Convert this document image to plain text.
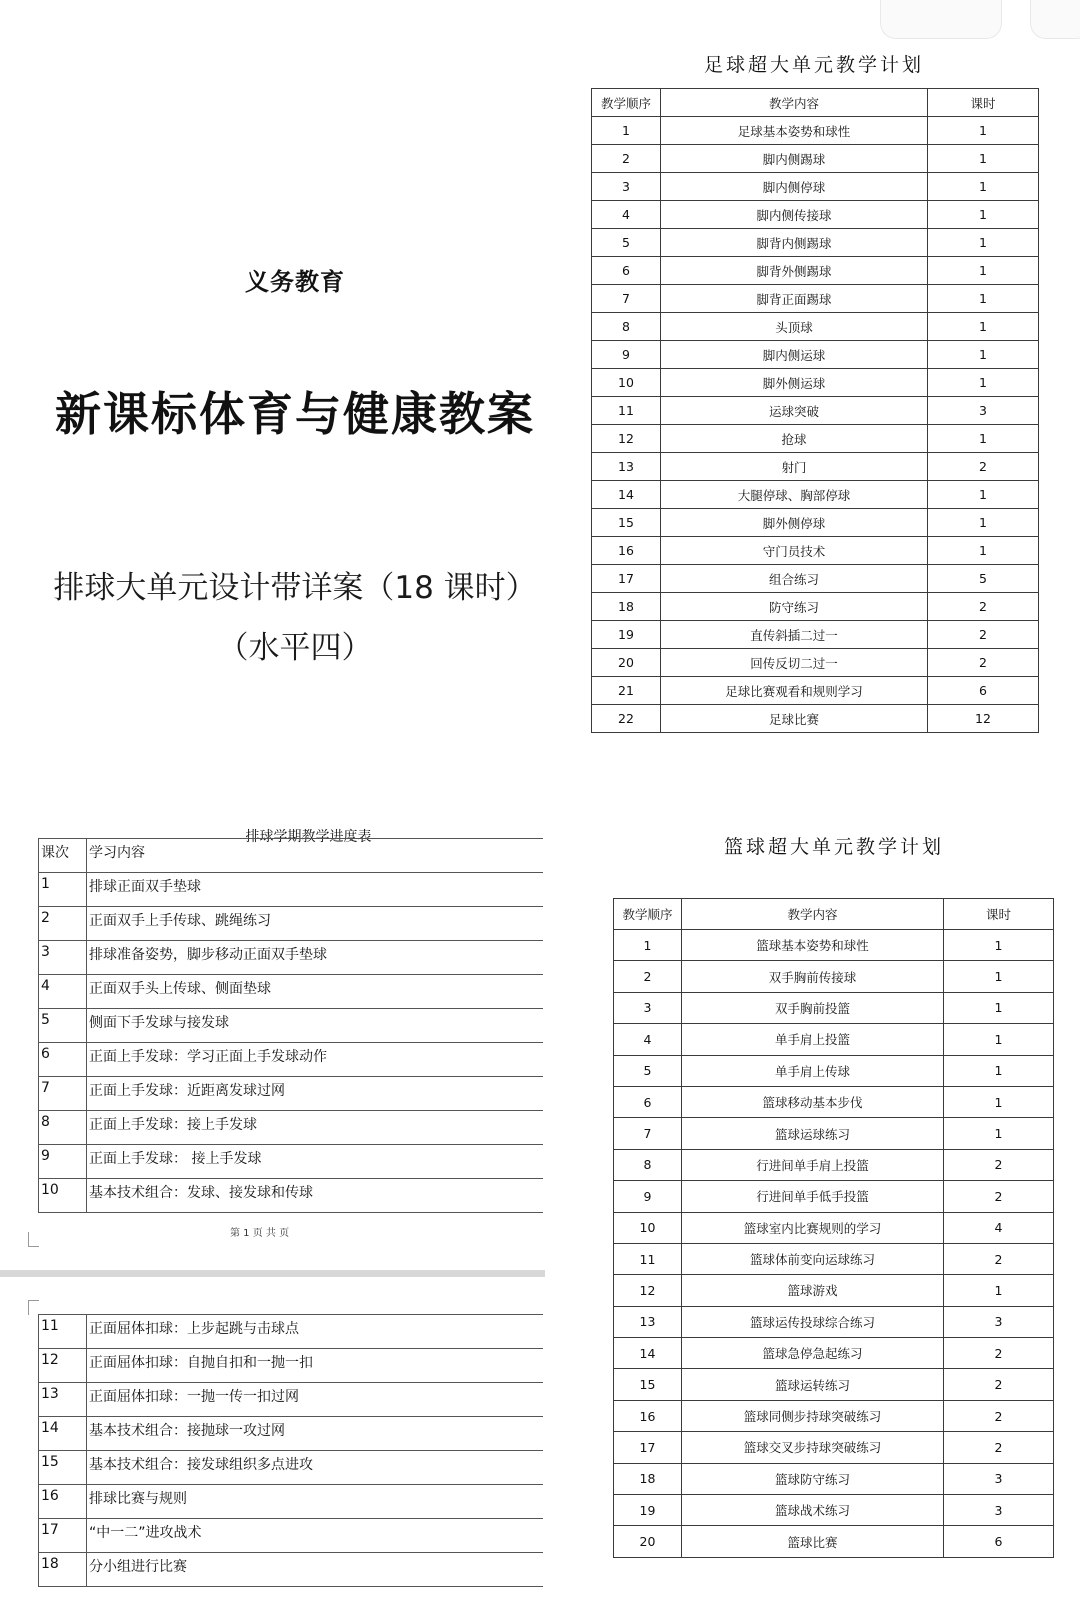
义务教育
新课标体育与健康教案
排球大单元设计带详案（18 课时）
（水平四）
足球超大单元教学计划
教学顺序	教学内容	课时
1	足球基本姿势和球性	1
2	脚内侧踢球	1
3	脚内侧停球	1
4	脚内侧传接球	1
5	脚背内侧踢球	1
6	脚背外侧踢球	1
7	脚背正面踢球	1
8	头顶球	1
9	脚内侧运球	1
10	脚外侧运球	1
11	运球突破	3
12	抢球	1
13	射门	2
14	大腿停球、胸部停球	1
15	脚外侧停球	1
16	守门员技术	1
17	组合练习	5
18	防守练习	2
19	直传斜插二过一	2
20	回传反切二过一	2
21	足球比赛观看和规则学习	6
22	足球比赛	12
排球学期教学进度表
课次	学习内容
1	排球正面双手垫球
2	正面双手上手传球、跳绳练习
3	排球准备姿势，脚步移动正面双手垫球
4	正面双手头上传球、侧面垫球
5	侧面下手发球与接发球
6	正面上手发球：学习正面上手发球动作
7	正面上手发球：近距离发球过网
8	正面上手发球：接上手发球
9	正面上手发球： 接上手发球
10	基本技术组合：发球、接发球和传球
第 1 页 共 页
11	正面屈体扣球：上步起跳与击球点
12	正面屈体扣球：自抛自扣和一抛一扣
13	正面屈体扣球：一抛一传一扣过网
14	基本技术组合：接抛球一攻过网
15	基本技术组合：接发球组织多点进攻
16	排球比赛与规则
17	“中一二”进攻战术
18	分小组进行比赛
篮球超大单元教学计划
教学顺序	教学内容	课时
1	篮球基本姿势和球性	1
2	双手胸前传接球	1
3	双手胸前投篮	1
4	单手肩上投篮	1
5	单手肩上传球	1
6	篮球移动基本步伐	1
7	篮球运球练习	1
8	行进间单手肩上投篮	2
9	行进间单手低手投篮	2
10	篮球室内比赛规则的学习	4
11	篮球体前变向运球练习	2
12	篮球游戏	1
13	篮球运传投球综合练习	3
14	篮球急停急起练习	2
15	篮球运转练习	2
16	篮球同侧步持球突破练习	2
17	篮球交叉步持球突破练习	2
18	篮球防守练习	3
19	篮球战术练习	3
20	篮球比赛	6
